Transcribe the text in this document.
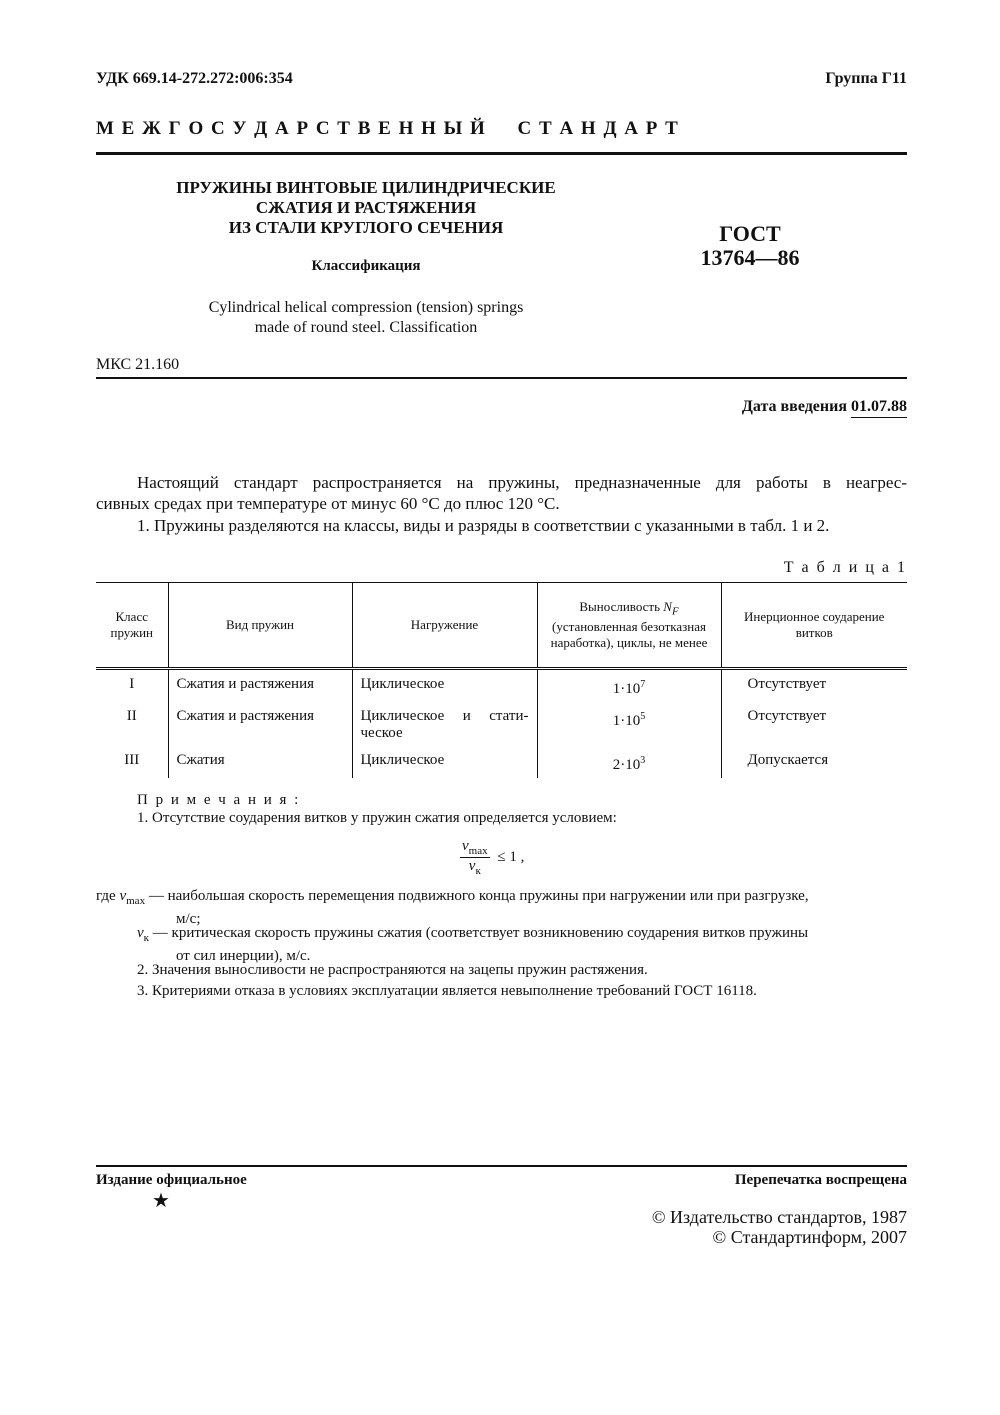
УДК 669.14-272.272:006:354	Группа Г11
М Е Ж Г О С У Д А Р С Т В Е Н Н Ы Й     С Т А Н Д А Р Т
ПРУЖИНЫ ВИНТОВЫЕ ЦИЛИНДРИЧЕСКИЕ
СЖАТИЯ И РАСТЯЖЕНИЯ
ИЗ СТАЛИ КРУГЛОГО СЕЧЕНИЯ
Классификация
Cylindrical helical compression (tension) springs
made of round steel. Classification
ГОСТ
13764—86
МКС 21.160
Дата введения 01.07.88
Настоящий стандарт распространяется на пружины, предназначенные для работы в неагрес-
сивных средах при температуре от минус 60 °С до плюс 120 °С.
1. Пружины разделяются на классы, виды и разряды в соответствии с указанными в табл. 1 и 2.
Т а б л и ц а 1
Класс пружин	Вид пружин	Нагружение	Выносливость $N_F$ (установленная безотказная наработка), циклы, не менее	Инерционное соударение витков
I	Сжатия и растяжения	Циклическое	$1\cdot 10^7$	Отсутствует
II	Сжатия и растяжения	Циклическое и стати-ческое	$1\cdot 10^5$	Отсутствует
III	Сжатия	Циклическое	$2\cdot 10^3$	Допускается
П р и м е ч а н и я :
1. Отсутствие соударения витков у пружин сжатия определяется условием:
$v_{max}$
$v_к$
≤ 1 ,
где $v_{max}$ — наибольшая скорость перемещения подвижного конца пружины при нагружении или при разгрузке,
м/с;
$v_к$ — критическая скорость пружины сжатия (соответствует возникновению соударения витков пружины
от сил инерции), м/с.
2. Значения выносливости не распространяются на зацепы пружин растяжения.
3. Критериями отказа в условиях эксплуатации является невыполнение требований ГОСТ 16118.
Издание официальное	Перепечатка воспрещена
★
© Издательство стандартов, 1987
© Стандартинформ, 2007
